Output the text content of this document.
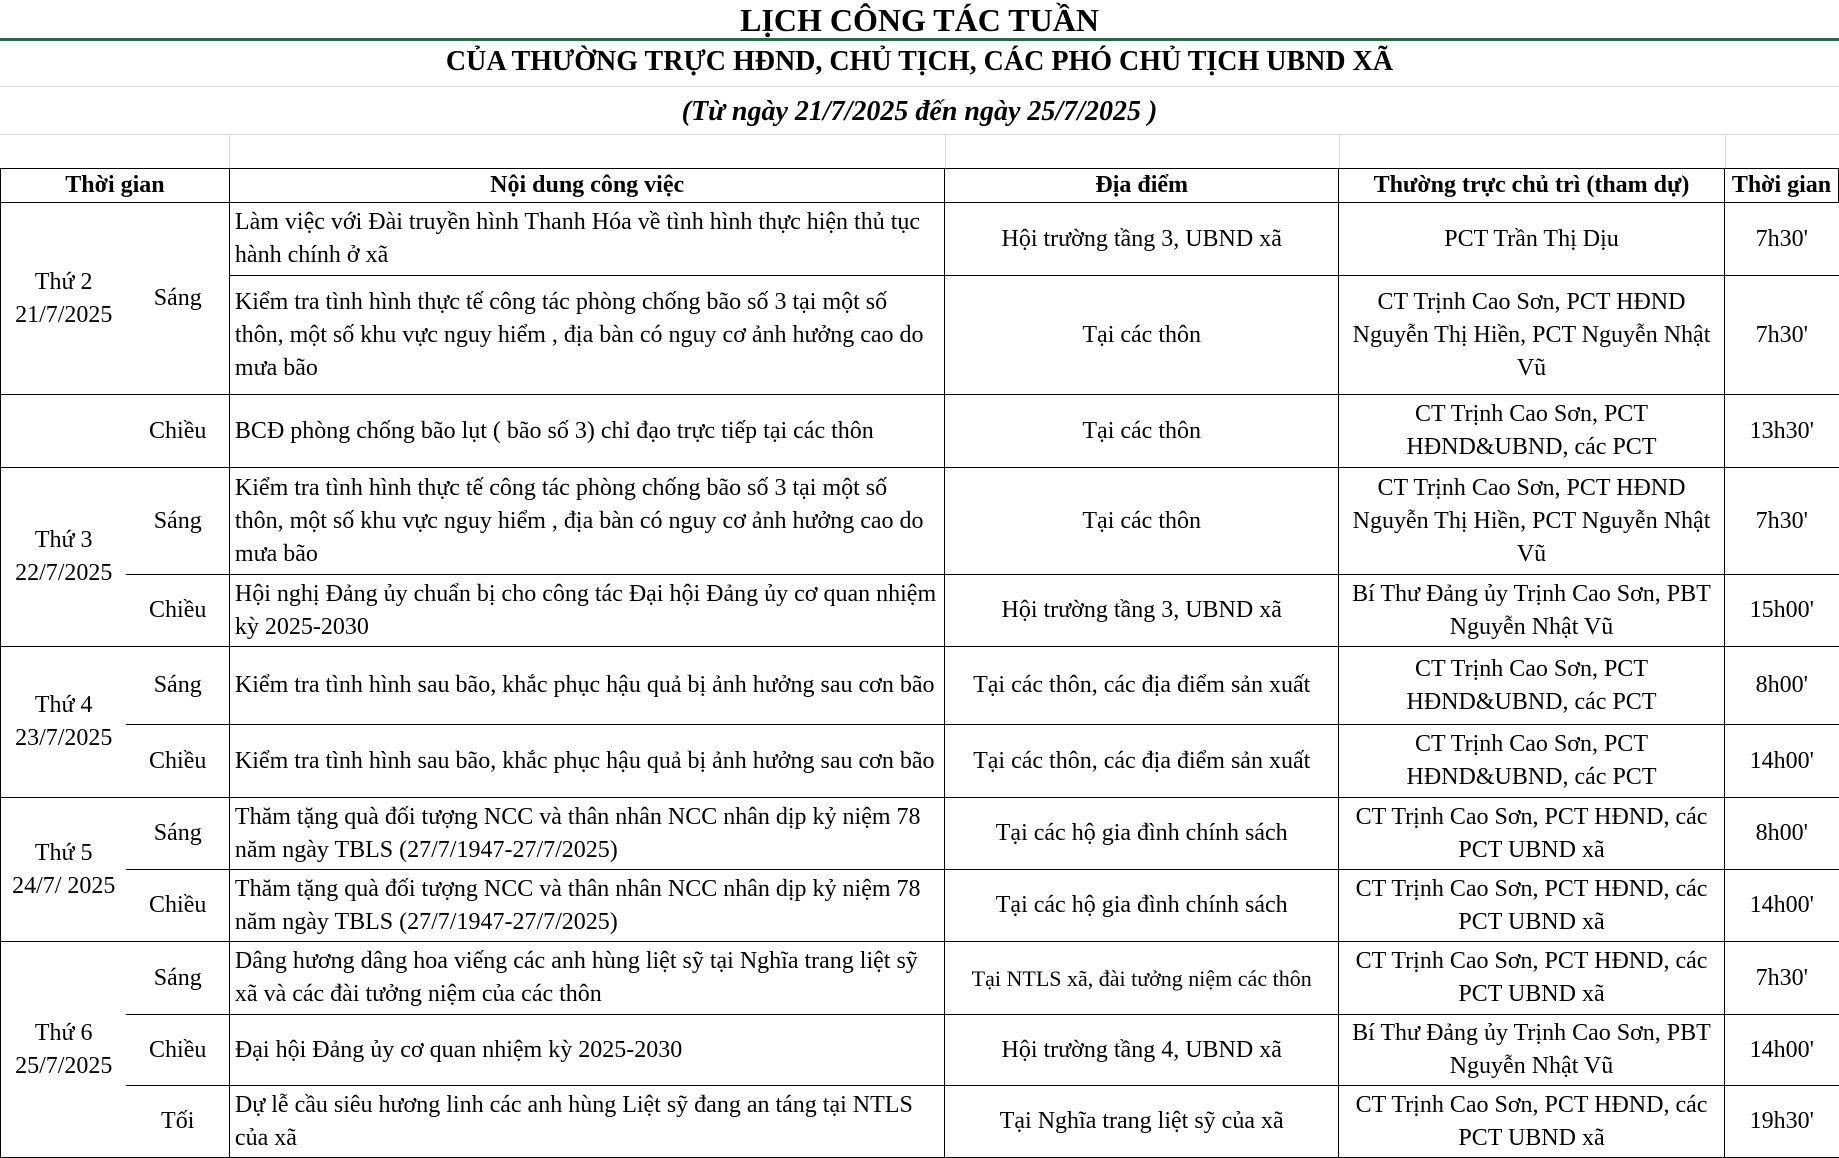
LỊCH CÔNG TÁC TUẦN
CỦA THƯỜNG TRỰC HĐND, CHỦ TỊCH, CÁC PHÓ CHỦ TỊCH UBND XÃ
(Từ ngày 21/7/2025 đến ngày 25/7/2025 )
Thời gian		Nội dung công việc	Địa điểm	Thường trực chủ trì (tham dự)	Thời gian

Thứ 2
21/7/2025	Sáng	Làm việc với Đài truyền hình Thanh Hóa về tình hình thực hiện thủ tục hành chính ở xã	Hội trường tầng 3, UBND xã	PCT Trần Thị Dịu	7h30'
		Kiểm tra tình hình thực tế công tác phòng chống bão số 3 tại một số thôn, một số khu vực nguy hiểm , địa bàn có nguy cơ ảnh hưởng cao do mưa bão	Tại các thôn	CT Trịnh Cao Sơn, PCT HĐND Nguyễn Thị Hiền, PCT Nguyễn Nhật Vũ	7h30'
	Chiều	BCĐ phòng chống bão lụt ( bão số 3) chỉ đạo trực tiếp tại các thôn	Tại các thôn	CT Trịnh Cao Sơn, PCT HĐND&UBND, các PCT	13h30'

Thứ 3
22/7/2025	Sáng	Kiểm tra tình hình thực tế công tác phòng chống bão số 3 tại một số thôn, một số khu vực nguy hiểm , địa bàn có nguy cơ ảnh hưởng cao do mưa bão	Tại các thôn	CT Trịnh Cao Sơn, PCT HĐND Nguyễn Thị Hiền, PCT Nguyễn Nhật Vũ	7h30'
	Chiều	Hội nghị Đảng ủy chuẩn bị cho công tác Đại hội Đảng ủy cơ quan nhiệm kỳ 2025-2030	Hội trường tầng 3, UBND xã	Bí Thư Đảng ủy Trịnh Cao Sơn, PBT Nguyễn Nhật Vũ	15h00'

Thứ 4
23/7/2025	Sáng	Kiểm tra tình hình sau bão, khắc phục hậu quả bị ảnh hưởng sau cơn bão	Tại các thôn, các địa điểm sản xuất	CT Trịnh Cao Sơn, PCT HĐND&UBND, các PCT	8h00'
	Chiều	Kiểm tra tình hình sau bão, khắc phục hậu quả bị ảnh hưởng sau cơn bão	Tại các thôn, các địa điểm sản xuất	CT Trịnh Cao Sơn, PCT HĐND&UBND, các PCT	14h00'

Thứ 5
24/7/ 2025	Sáng	Thăm tặng quà đối tượng NCC và thân nhân NCC nhân dịp kỷ niệm 78 năm ngày TBLS (27/7/1947-27/7/2025)	Tại các hộ gia đình chính sách	CT Trịnh Cao Sơn, PCT HĐND, các PCT UBND xã	8h00'
	Chiều	Thăm tặng quà đối tượng NCC và thân nhân NCC nhân dịp kỷ niệm 78 năm ngày TBLS (27/7/1947-27/7/2025)	Tại các hộ gia đình chính sách	CT Trịnh Cao Sơn, PCT HĐND, các PCT UBND xã	14h00'

Thứ 6
25/7/2025	Sáng	Dâng hương dâng hoa viếng các anh hùng liệt sỹ tại Nghĩa trang liệt sỹ xã và các đài tưởng niệm của các thôn	Tại NTLS xã, đài tưởng niệm các thôn	CT Trịnh Cao Sơn, PCT HĐND, các PCT UBND xã	7h30'
	Chiều	Đại hội Đảng ủy cơ quan nhiệm kỳ 2025-2030	Hội trường tầng 4, UBND xã	Bí Thư Đảng ủy Trịnh Cao Sơn, PBT Nguyễn Nhật Vũ	14h00'
	Tối	Dự lễ cầu siêu hương linh các anh hùng Liệt sỹ đang an táng tại NTLS của xã	Tại Nghĩa trang liệt sỹ của xã	CT Trịnh Cao Sơn, PCT HĐND, các PCT UBND xã	19h30'
